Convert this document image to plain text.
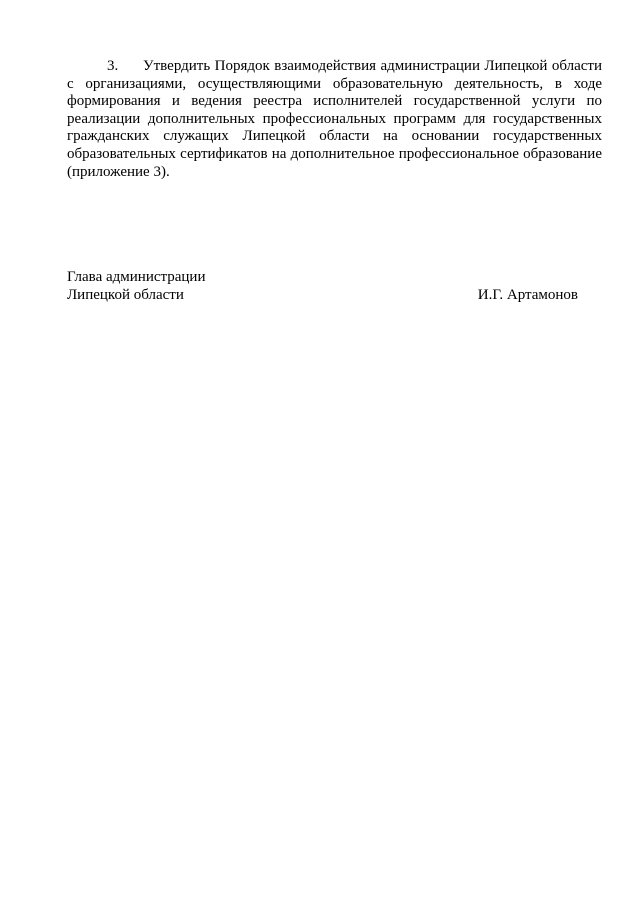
3. Утвердить Порядок взаимодействия администрации Липецкой области с организациями, осуществляющими образовательную деятельность, в ходе формирования и ведения реестра исполнителей государственной услуги по реализации дополнительных профессиональных программ для государственных гражданских служащих Липецкой области на основании государственных образовательных сертификатов на дополнительное профессиональное образование (приложение 3).

Глава администрации
Липецкой области	И.Г. Артамонов
